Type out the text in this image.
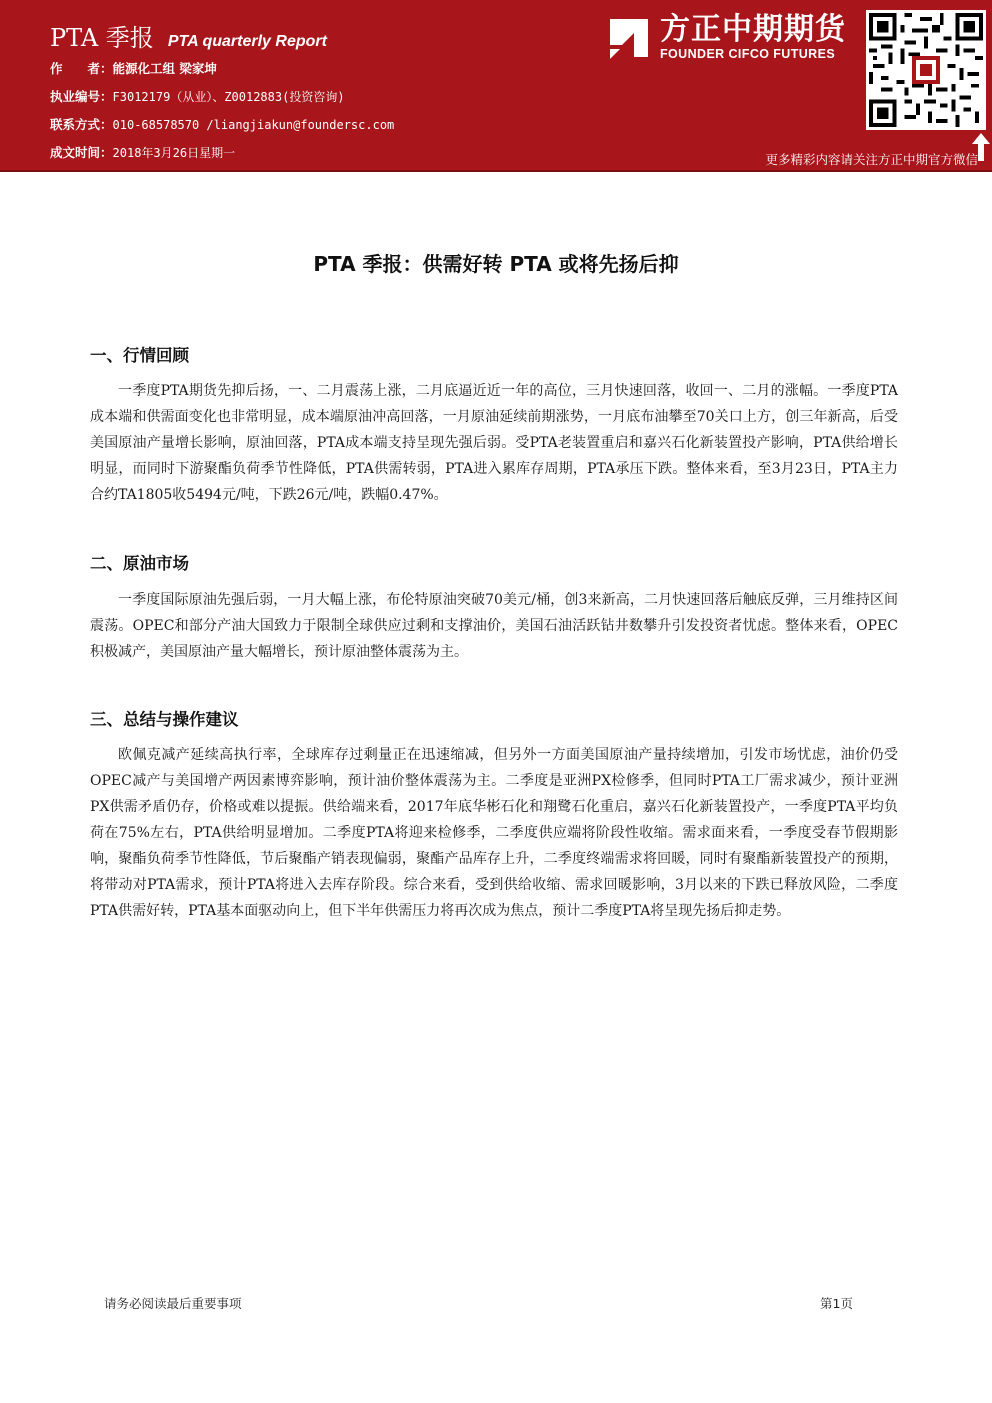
PTA 季报 PTA quarterly Report
作　　者： 能源化工组 梁家坤
执业编号： F3012179（从业）、Z0012883(投资咨询)
联系方式： 010-68578570 /liangjiakun@foundersc.com
成文时间： 2018年3月26日星期一
方正中期期货
FOUNDER CIFCO FUTURES
更多精彩内容请关注方正中期官方微信
PTA 季报：供需好转 PTA 或将先扬后抑
一、行情回顾

一季度PTA期货先抑后扬，一、二月震荡上涨，二月底逼近近一年的高位，三月快速回落，收回一、二月的涨幅。一季度PTA成本端和供需面变化也非常明显，成本端原油冲高回落，一月原油延续前期涨势，一月底布油攀至70关口上方，创三年新高，后受美国原油产量增长影响，原油回落，PTA成本端支持呈现先强后弱。受PTA老装置重启和嘉兴石化新装置投产影响，PTA供给增长明显，而同时下游聚酯负荷季节性降低，PTA供需转弱，PTA进入累库存周期，PTA承压下跌。整体来看，至3月23日，PTA主力合约TA1805收5494元/吨，下跌26元/吨，跌幅0.47%。

二、原油市场

一季度国际原油先强后弱，一月大幅上涨，布伦特原油突破70美元/桶，创3来新高，二月快速回落后触底反弹，三月维持区间震荡。OPEC和部分产油大国致力于限制全球供应过剩和支撑油价，美国石油活跃钻井数攀升引发投资者忧虑。整体来看，OPEC积极减产，美国原油产量大幅增长，预计原油整体震荡为主。

三、总结与操作建议

欧佩克减产延续高执行率，全球库存过剩量正在迅速缩减，但另外一方面美国原油产量持续增加，引发市场忧虑，油价仍受OPEC减产与美国增产两因素博弈影响，预计油价整体震荡为主。二季度是亚洲PX检修季，但同时PTA工厂需求减少，预计亚洲PX供需矛盾仍存，价格或难以提振。供给端来看，2017年底华彬石化和翔鹭石化重启，嘉兴石化新装置投产，一季度PTA平均负荷在75%左右，PTA供给明显增加。二季度PTA将迎来检修季，二季度供应端将阶段性收缩。需求面来看，一季度受春节假期影响，聚酯负荷季节性降低，节后聚酯产销表现偏弱，聚酯产品库存上升，二季度终端需求将回暖，同时有聚酯新装置投产的预期，将带动对PTA需求，预计PTA将进入去库存阶段。综合来看，受到供给收缩、需求回暖影响，3月以来的下跌已释放风险，二季度PTA供需好转，PTA基本面驱动向上，但下半年供需压力将再次成为焦点，预计二季度PTA将呈现先扬后抑走势。

请务必阅读最后重要事项	第1页
